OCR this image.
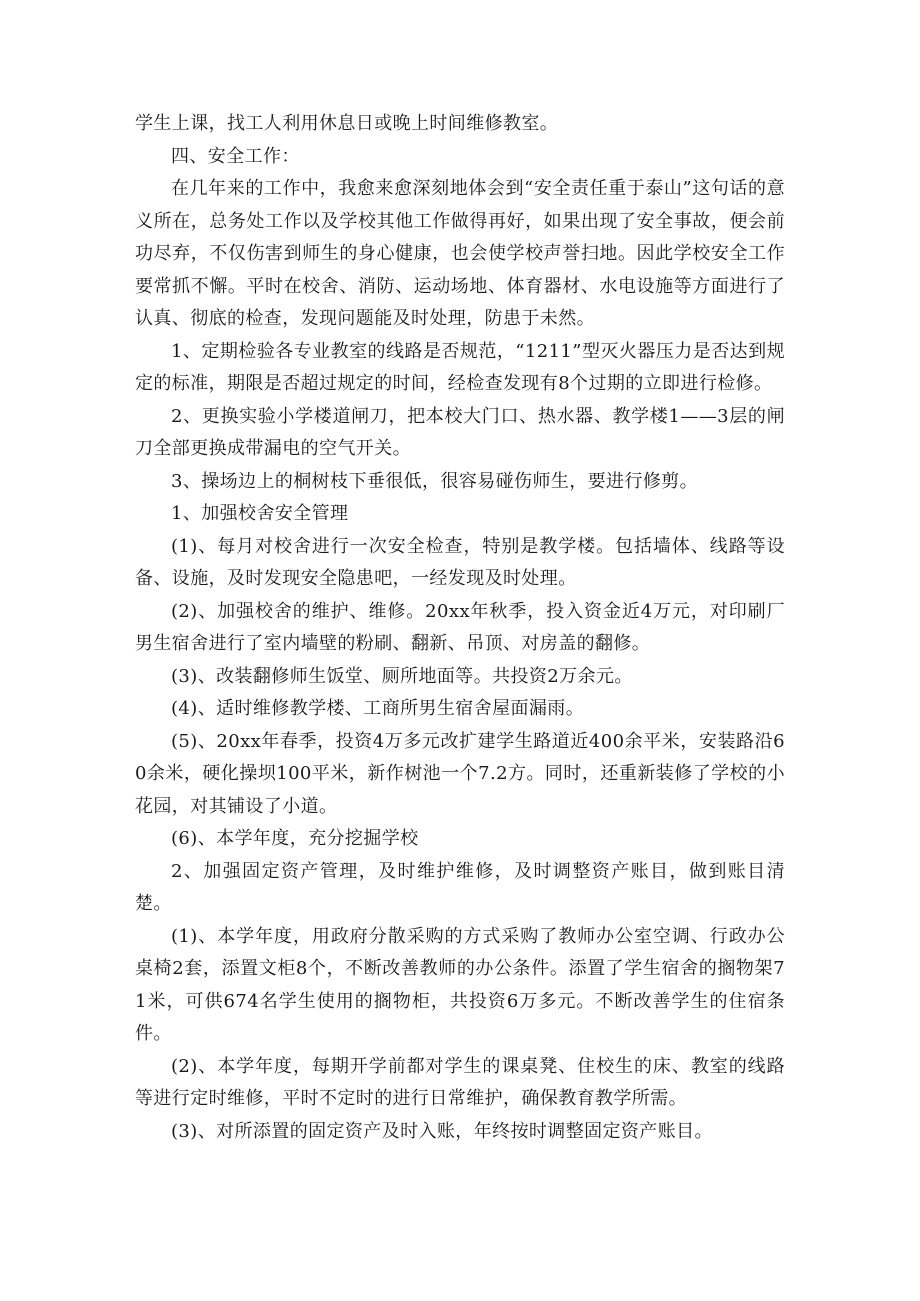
学生上课，找工人利用休息日或晚上时间维修教室。

四、安全工作：

在几年来的工作中，我愈来愈深刻地体会到“安全责任重于泰山”这句话的意义所在，总务处工作以及学校其他工作做得再好，如果出现了安全事故，便会前功尽弃，不仅伤害到师生的身心健康，也会使学校声誉扫地。因此学校安全工作要常抓不懈。平时在校舍、消防、运动场地、体育器材、水电设施等方面进行了认真、彻底的检查，发现问题能及时处理，防患于未然。

1、定期检验各专业教室的线路是否规范，“1211”型灭火器压力是否达到规定的标准，期限是否超过规定的时间，经检查发现有8个过期的立即进行检修。

2、更换实验小学楼道闸刀，把本校大门口、热水器、教学楼1——3层的闸刀全部更换成带漏电的空气开关。

3、操场边上的桐树枝下垂很低，很容易碰伤师生，要进行修剪。

1、加强校舍安全管理

(1)、每月对校舍进行一次安全检查，特别是教学楼。包括墙体、线路等设备、设施，及时发现安全隐患吧，一经发现及时处理。

(2)、加强校舍的维护、维修。20xx年秋季，投入资金近4万元，对印刷厂男生宿舍进行了室内墙壁的粉刷、翻新、吊顶、对房盖的翻修。

(3)、改装翻修师生饭堂、厕所地面等。共投资2万余元。

(4)、适时维修教学楼、工商所男生宿舍屋面漏雨。

(5)、20xx年春季，投资4万多元改扩建学生路道近400余平米，安装路沿60余米，硬化操坝100平米，新作树池一个7.2方。同时，还重新装修了学校的小花园，对其铺设了小道。

(6)、本学年度，充分挖掘学校

2、加强固定资产管理，及时维护维修，及时调整资产账目，做到账目清楚。

(1)、本学年度，用政府分散采购的方式采购了教师办公室空调、行政办公桌椅2套，添置文柜8个，不断改善教师的办公条件。添置了学生宿舍的搁物架71米，可供674名学生使用的搁物柜，共投资6万多元。不断改善学生的住宿条件。

(2)、本学年度，每期开学前都对学生的课桌凳、住校生的床、教室的线路等进行定时维修，平时不定时的进行日常维护，确保教育教学所需。

(3)、对所添置的固定资产及时入账，年终按时调整固定资产账目。
